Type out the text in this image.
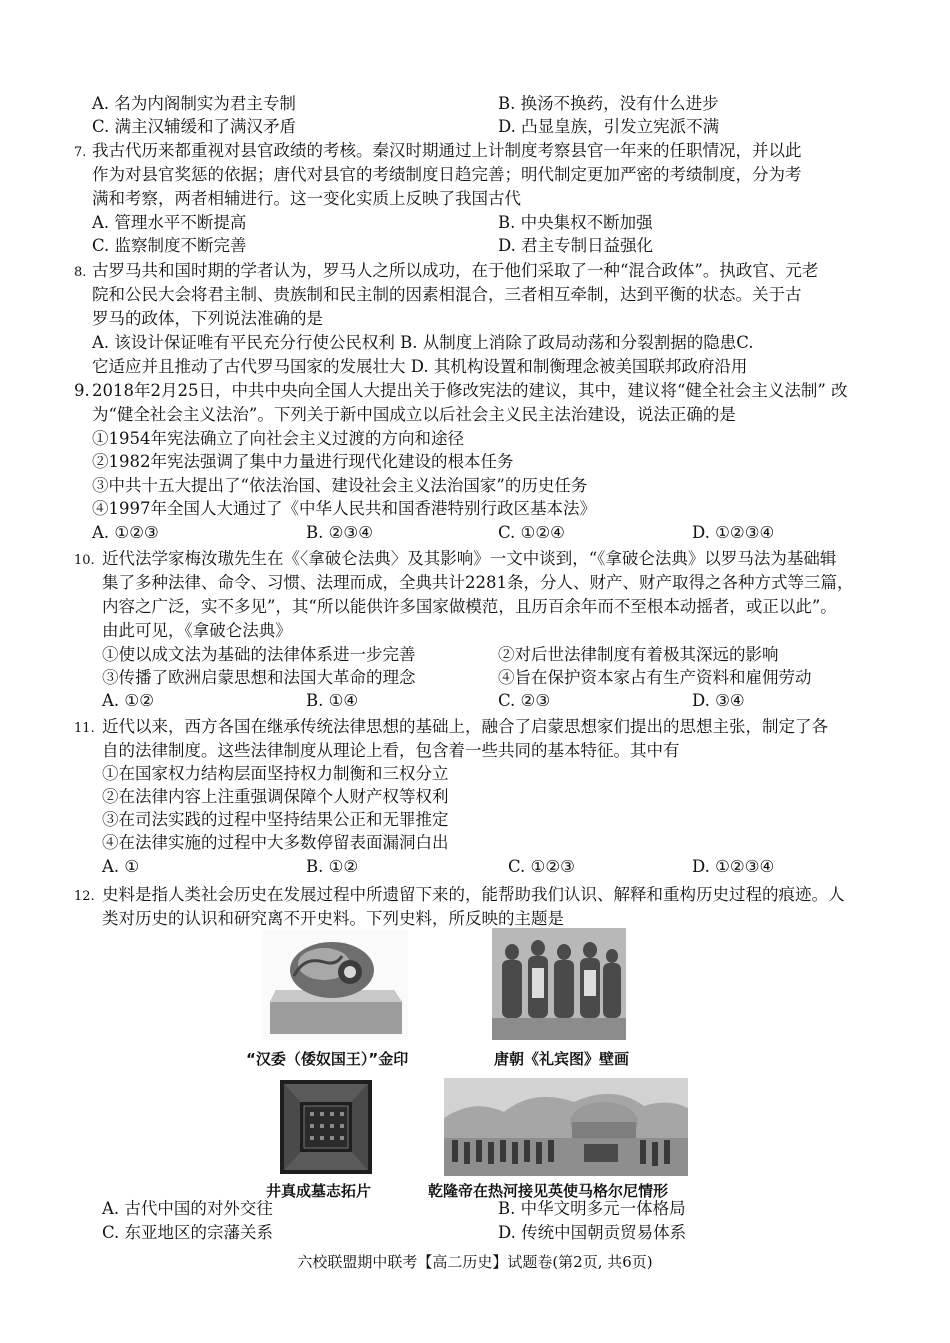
A. 名为内阁制实为君主专制	B. 换汤不换药，没有什么进步
C. 满主汉辅缓和了满汉矛盾	D. 凸显皇族，引发立宪派不满
7. 我古代历来都重视对县官政绩的考核。秦汉时期通过上计制度考察县官一年来的任职情况，并以此
作为对县官奖惩的依据；唐代对县官的考绩制度日趋完善；明代制定更加严密的考绩制度，分为考
满和考察，两者相辅进行。这一变化实质上反映了我国古代
A. 管理水平不断提高	B. 中央集权不断加强
C. 监察制度不断完善	D. 君主专制日益强化
8. 古罗马共和国时期的学者认为，罗马人之所以成功，在于他们采取了一种“混合政体”。执政官、元老
院和公民大会将君主制、贵族制和民主制的因素相混合，三者相互牵制，达到平衡的状态。关于古
罗马的政体，下列说法准确的是
A. 该设计保证唯有平民充分行使公民权利 B. 从制度上消除了政局动荡和分裂割据的隐患C.
它适应并且推动了古代罗马国家的发展壮大 D. 其机构设置和制衡理念被美国联邦政府沿用
9. 2018年2月25日，中共中央向全国人大提出关于修改宪法的建议，其中，建议将“健全社会主义法制” 改
为“健全社会主义法治”。下列关于新中国成立以后社会主义民主法治建设，说法正确的是
①1954年宪法确立了向社会主义过渡的方向和途径
②1982年宪法强调了集中力量进行现代化建设的根本任务
③中共十五大提出了“依法治国、建设社会主义法治国家”的历史任务
④1997年全国人大通过了《中华人民共和国香港特别行政区基本法》
A. ①②③	B. ②③④	C. ①②④	D. ①②③④
10. 近代法学家梅汝璈先生在《〈拿破仑法典〉及其影响》一文中谈到，“《拿破仑法典》以罗马法为基础辑
集了多种法律、命令、习惯、法理而成，全典共计2281条，分人、财产、财产取得之各种方式等三篇，
内容之广泛，实不多见”，其“所以能供许多国家做模范，且历百余年而不至根本动摇者，或正以此”。
由此可见，《拿破仑法典》
①使以成文法为基础的法律体系进一步完善	②对后世法律制度有着极其深远的影响
③传播了欧洲启蒙思想和法国大革命的理念	④旨在保护资本家占有生产资料和雇佣劳动
A. ①②	B. ①④	C. ②③	D. ③④
11. 近代以来，西方各国在继承传统法律思想的基础上，融合了启蒙思想家们提出的思想主张，制定了各
自的法律制度。这些法律制度从理论上看，包含着一些共同的基本特征。其中有
①在国家权力结构层面坚持权力制衡和三权分立
②在法律内容上注重强调保障个人财产权等权利
③在司法实践的过程中坚持结果公正和无罪推定
④在法律实施的过程中大多数停留表面漏洞白出
A. ①	B. ①②	C. ①②③	D. ①②③④
12. 史料是指人类社会历史在发展过程中所遗留下来的，能帮助我们认识、解释和重构历史过程的痕迹。人
类对历史的认识和研究离不开史料。下列史料，所反映的主题是
“汉委（倭奴国王）”金印	唐朝《礼宾图》壁画
井真成墓志拓片	乾隆帝在热河接见英使马格尔尼情形
A. 古代中国的对外交往	B. 中华文明多元一体格局
C. 东亚地区的宗藩关系	D. 传统中国朝贡贸易体系
六校联盟期中联考【高二历史】试题卷(第2页, 共6页)
